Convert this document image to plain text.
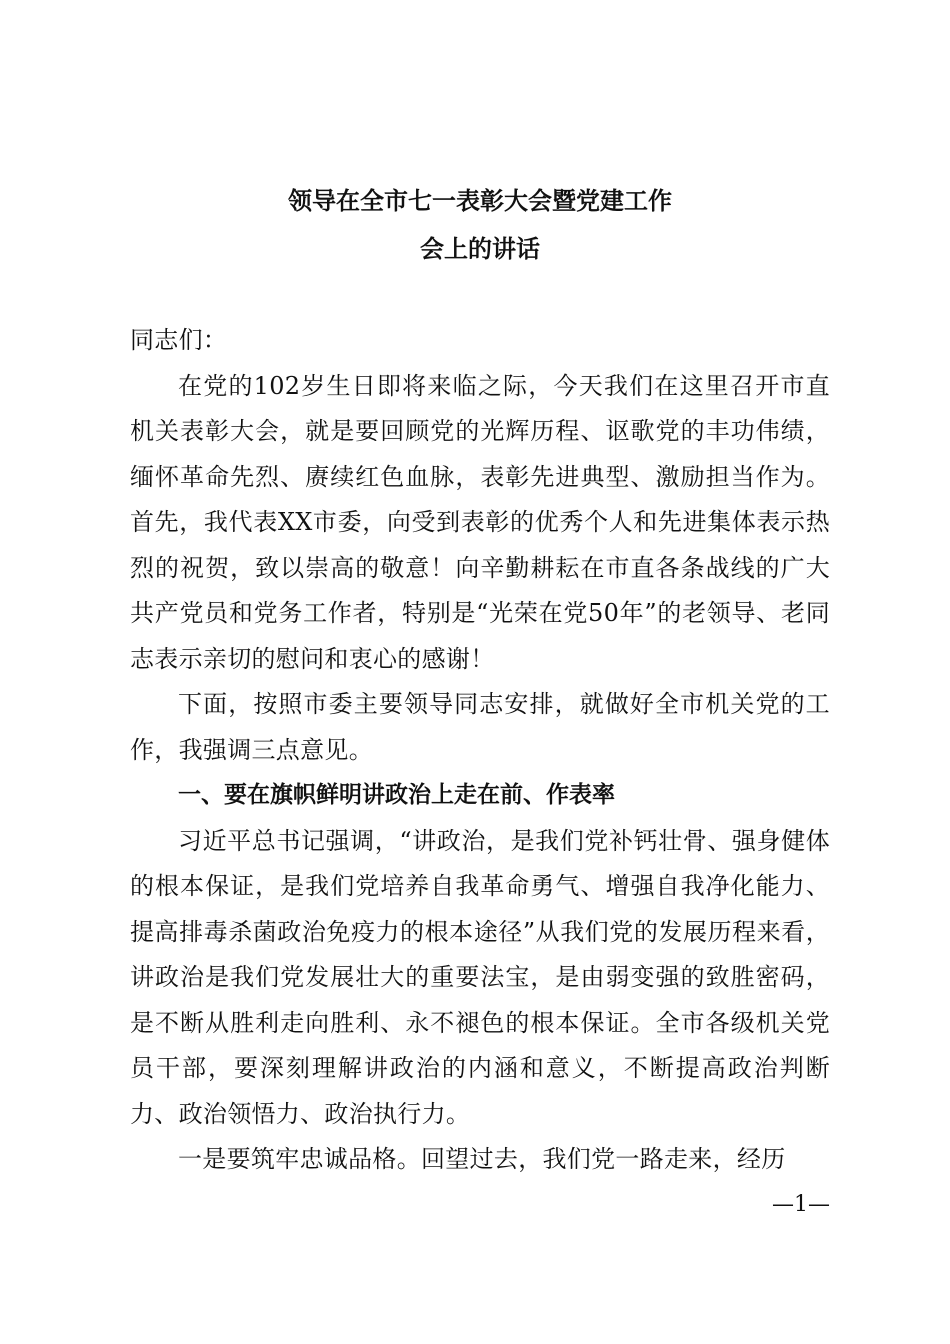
领导在全市七一表彰大会暨党建工作
会上的讲话

同志们：

在党的102岁生日即将来临之际，今天我们在这里召开市直机关表彰大会，就是要回顾党的光辉历程、讴歌党的丰功伟绩，缅怀革命先烈、赓续红色血脉，表彰先进典型、激励担当作为。首先，我代表XX市委，向受到表彰的优秀个人和先进集体表示热烈的祝贺，致以崇高的敬意！向辛勤耕耘在市直各条战线的广大共产党员和党务工作者，特别是“光荣在党50年”的老领导、老同志表示亲切的慰问和衷心的感谢！

下面，按照市委主要领导同志安排，就做好全市机关党的工作，我强调三点意见。

一、要在旗帜鲜明讲政治上走在前、作表率

习近平总书记强调，“讲政治，是我们党补钙壮骨、强身健体的根本保证，是我们党培养自我革命勇气、增强自我净化能力、提高排毒杀菌政治免疫力的根本途径”从我们党的发展历程来看，讲政治是我们党发展壮大的重要法宝，是由弱变强的致胜密码，是不断从胜利走向胜利、永不褪色的根本保证。全市各级机关党员干部，要深刻理解讲政治的内涵和意义，不断提高政治判断力、政治领悟力、政治执行力。

一是要筑牢忠诚品格。回望过去，我们党一路走来，经历

—1—
